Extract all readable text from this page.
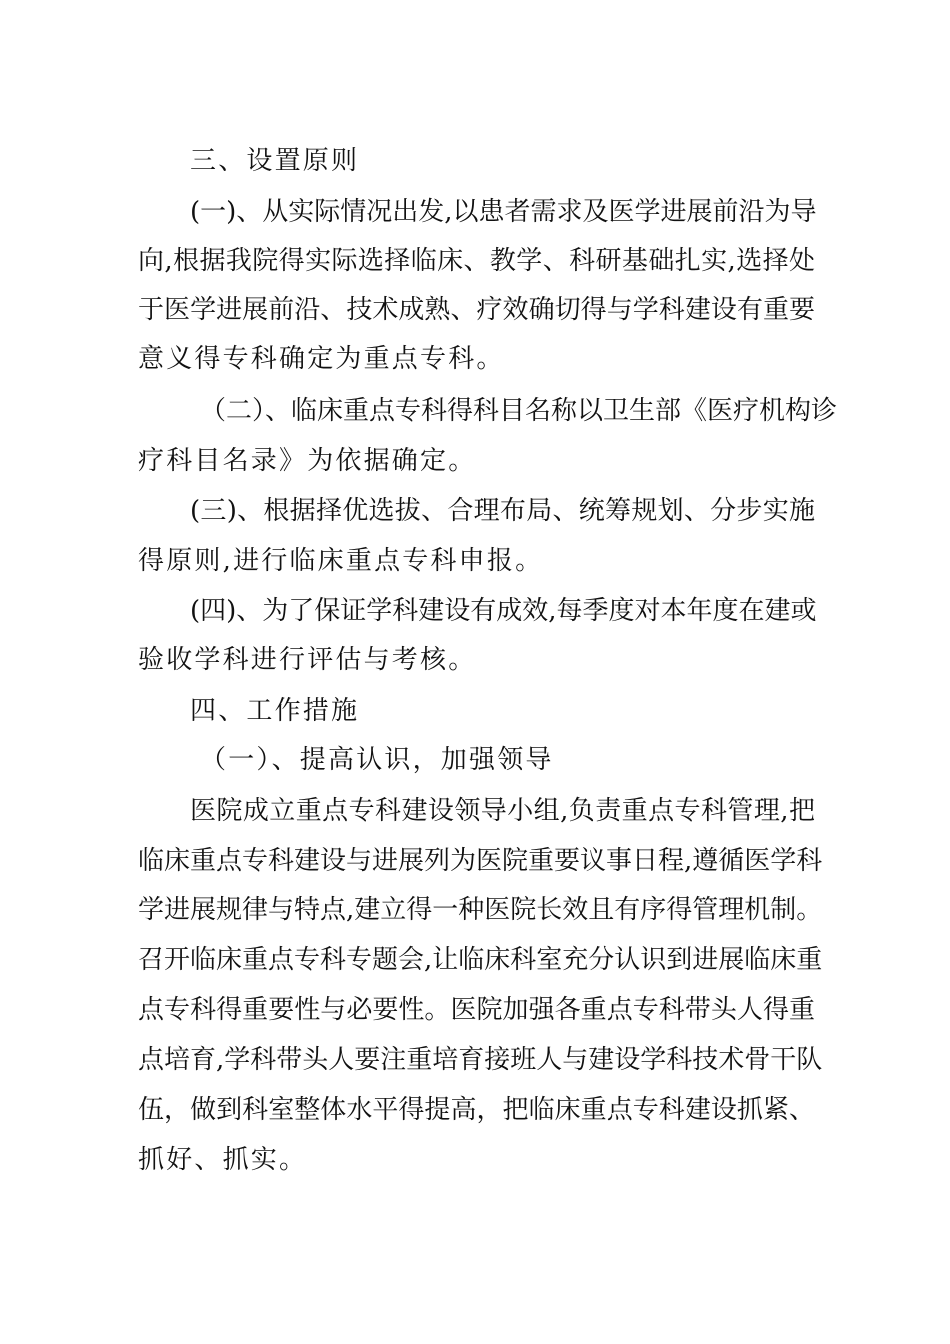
三、设置原则
(一)、从实际情况出发,以患者需求及医学进展前沿为导
向,根据我院得实际选择临床、教学、科研基础扎实,选择处
于医学进展前沿、技术成熟、疗效确切得与学科建设有重要
意义得专科确定为重点专科。
（二）、临床重点专科得科目名称以卫生部《医疗机构诊
疗科目名录》为依据确定。
(三)、根据择优选拔、合理布局、统筹规划、分步实施
得原则,进行临床重点专科申报。
(四)、为了保证学科建设有成效,每季度对本年度在建或
验收学科进行评估与考核。
四、工作措施
（一）、提高认识，加强领导
医院成立重点专科建设领导小组,负责重点专科管理,把
临床重点专科建设与进展列为医院重要议事日程,遵循医学科
学进展规律与特点,建立得一种医院长效且有序得管理机制。
召开临床重点专科专题会,让临床科室充分认识到进展临床重
点专科得重要性与必要性。医院加强各重点专科带头人得重
点培育,学科带头人要注重培育接班人与建设学科技术骨干队
伍，做到科室整体水平得提高，把临床重点专科建设抓紧、
抓好、抓实。
